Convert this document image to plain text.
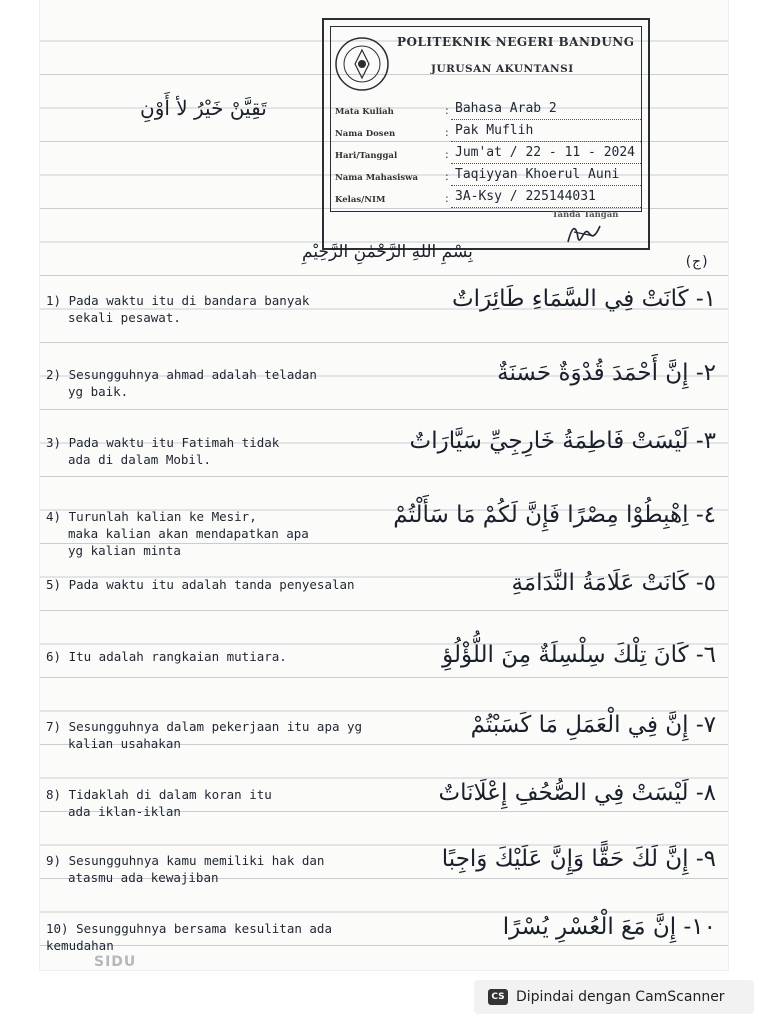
POLITEKNIK NEGERI BANDUNG
JURUSAN AKUNTANSI
Mata Kuliah	: Bahasa Arab 2
Nama Dosen	: Pak Muflih
Hari/Tanggal	: Jum'at / 22 - 11 - 2024
Nama Mahasiswa : Taqiyyan Khoerul Auni
Kelas/NIM	: 3A-Ksy / 225144031
Tanda Tangan
تَقِيَّنْ خَيْرُ لأ أَوْنِ
بِسْمِ اللهِ الرَّحْمٰنِ الرَّحِيْمِ	(ج)
1) Pada waktu itu di bandara banyak
sekali pesawat.
١- كَانَتْ فِي السَّمَاءِ طَائِرَاتٌ
2) Sesungguhnya ahmad adalah teladan
yg baik.
٢- إِنَّ أَحْمَدَ قُدْوَةٌ حَسَنَةٌ
3) Pada waktu itu Fatimah tidak
ada di dalam Mobil.
٣- لَيْسَتْ فَاطِمَةُ خَارِجِيِّ سَيَّارَاتٌ
4) Turunlah kalian ke Mesir,
maka kalian akan mendapatkan apa
yg kalian minta
٤- اِهْبِطُوْا مِصْرًا فَإِنَّ لَكُمْ مَا سَأَلْتُمْ
5) Pada waktu itu adalah tanda penyesalan	٥- كَانَتْ عَلَامَةُ النَّدَامَةِ
6) Itu adalah rangkaian mutiara.	٦- كَانَ تِلْكَ سِلْسِلَةٌ مِنَ اللُّؤْلُؤِ
7) Sesungguhnya dalam pekerjaan itu apa yg
kalian usahakan
٧- إِنَّ فِي الْعَمَلِ مَا كَسَبْتُمْ
8) Tidaklah di dalam koran itu
ada iklan-iklan
٨- لَيْسَتْ فِي الصُّحُفِ إِعْلَانَاتٌ
9) Sesungguhnya kamu memiliki hak dan
atasmu ada kewajiban
٩- إِنَّ لَكَ حَقًّا وَإِنَّ عَلَيْكَ وَاجِبًا
10) Sesungguhnya bersama kesulitan ada kemudahan
١٠- إِنَّ مَعَ الْعُسْرِ يُسْرًا
SIDU
CS Dipindai dengan CamScanner
